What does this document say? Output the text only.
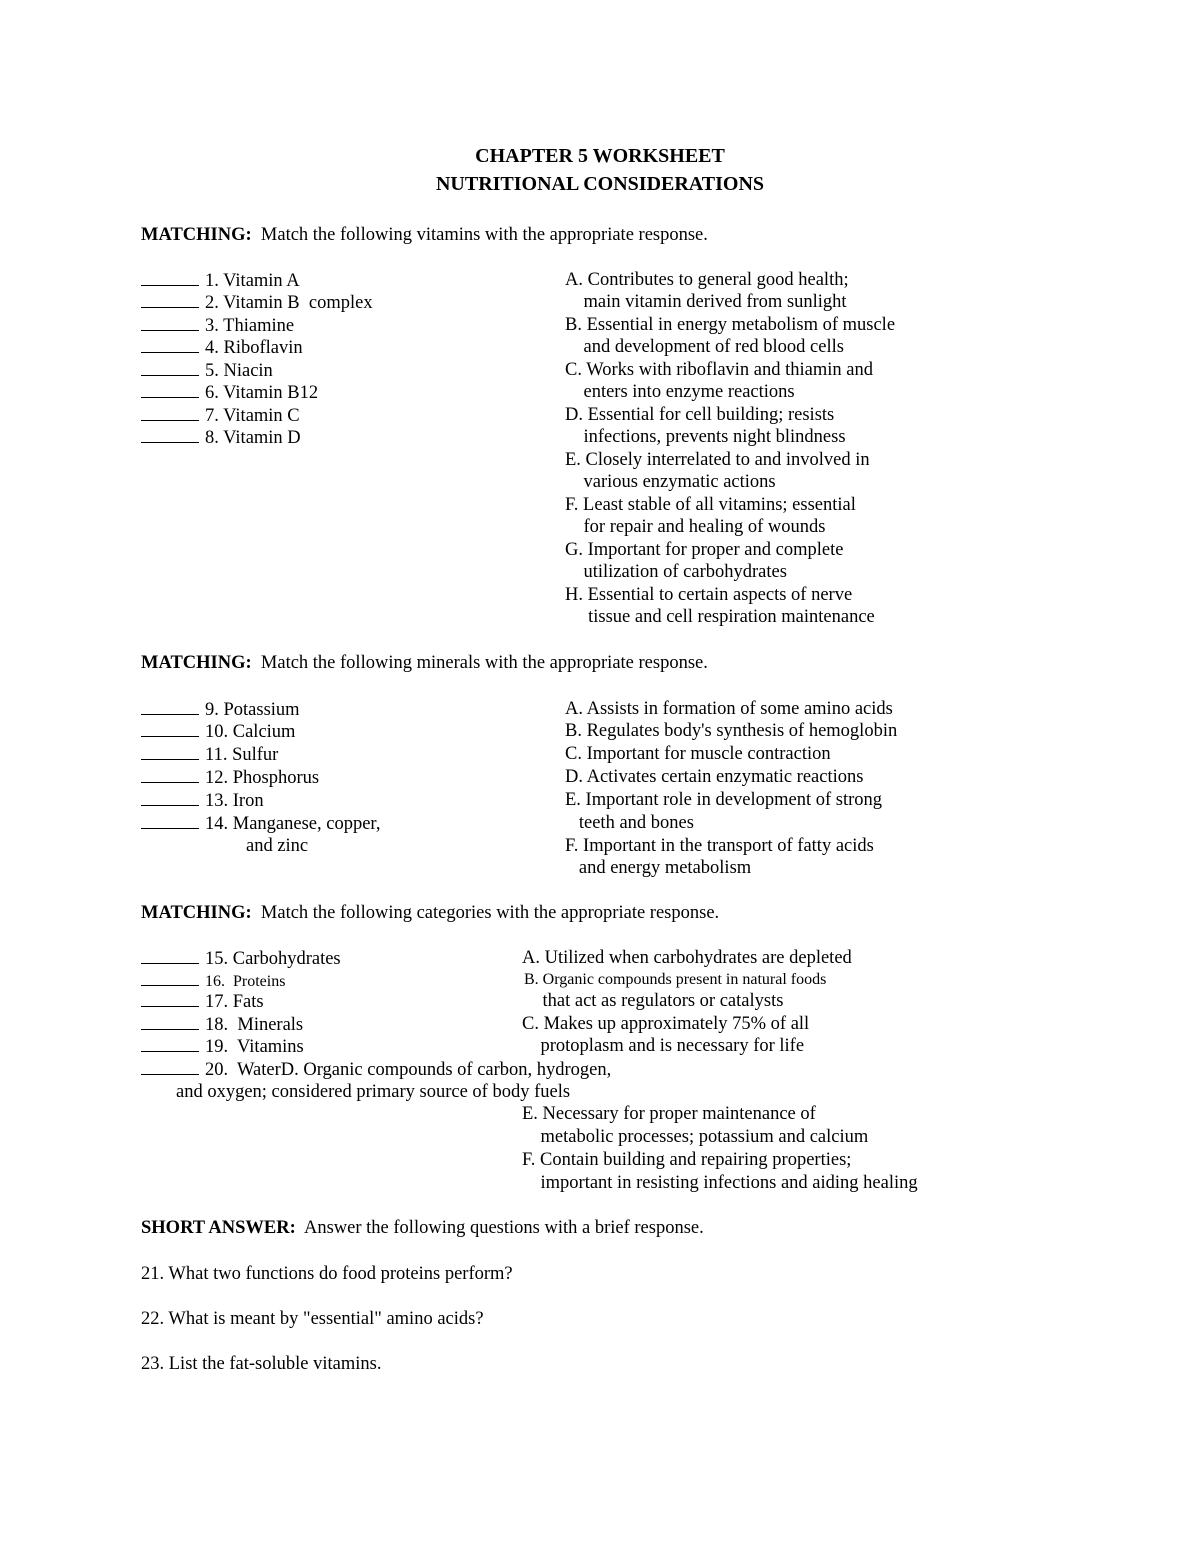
CHAPTER 5 WORKSHEET
NUTRITIONAL CONSIDERATIONS
MATCHING: Match the following vitamins with the appropriate response.
1. Vitamin A
2. Vitamin B  complex
3. Thiamine
4. Riboflavin
5. Niacin
6. Vitamin B12
7. Vitamin C
8. Vitamin D
A. Contributes to general good health;
main vitamin derived from sunlight
B. Essential in energy metabolism of muscle
and development of red blood cells
C. Works with riboflavin and thiamin and
enters into enzyme reactions
D. Essential for cell building; resists
infections, prevents night blindness
E. Closely interrelated to and involved in
various enzymatic actions
F. Least stable of all vitamins; essential
for repair and healing of wounds
G. Important for proper and complete
utilization of carbohydrates
H. Essential to certain aspects of nerve
tissue and cell respiration maintenance
MATCHING: Match the following minerals with the appropriate response.
9. Potassium
10. Calcium
11. Sulfur
12. Phosphorus
13. Iron
14. Manganese, copper,
and zinc
A. Assists in formation of some amino acids
B. Regulates body's synthesis of hemoglobin
C. Important for muscle contraction
D. Activates certain enzymatic reactions
E. Important role in development of strong
teeth and bones
F. Important in the transport of fatty acids
and energy metabolism
MATCHING: Match the following categories with the appropriate response.
15. Carbohydrates
16.  Proteins
17. Fats
18.  Minerals
19.  Vitamins
20.  WaterD. Organic compounds of carbon, hydrogen,
and oxygen; considered primary source of body fuels
A. Utilized when carbohydrates are depleted
B. Organic compounds present in natural foods
that act as regulators or catalysts
C. Makes up approximately 75% of all
protoplasm and is necessary for life
E. Necessary for proper maintenance of
metabolic processes; potassium and calcium
F. Contain building and repairing properties;
important in resisting infections and aiding healing
SHORT ANSWER: Answer the following questions with a brief response.
21. What two functions do food proteins perform?
22. What is meant by "essential" amino acids?
23. List the fat-soluble vitamins.
